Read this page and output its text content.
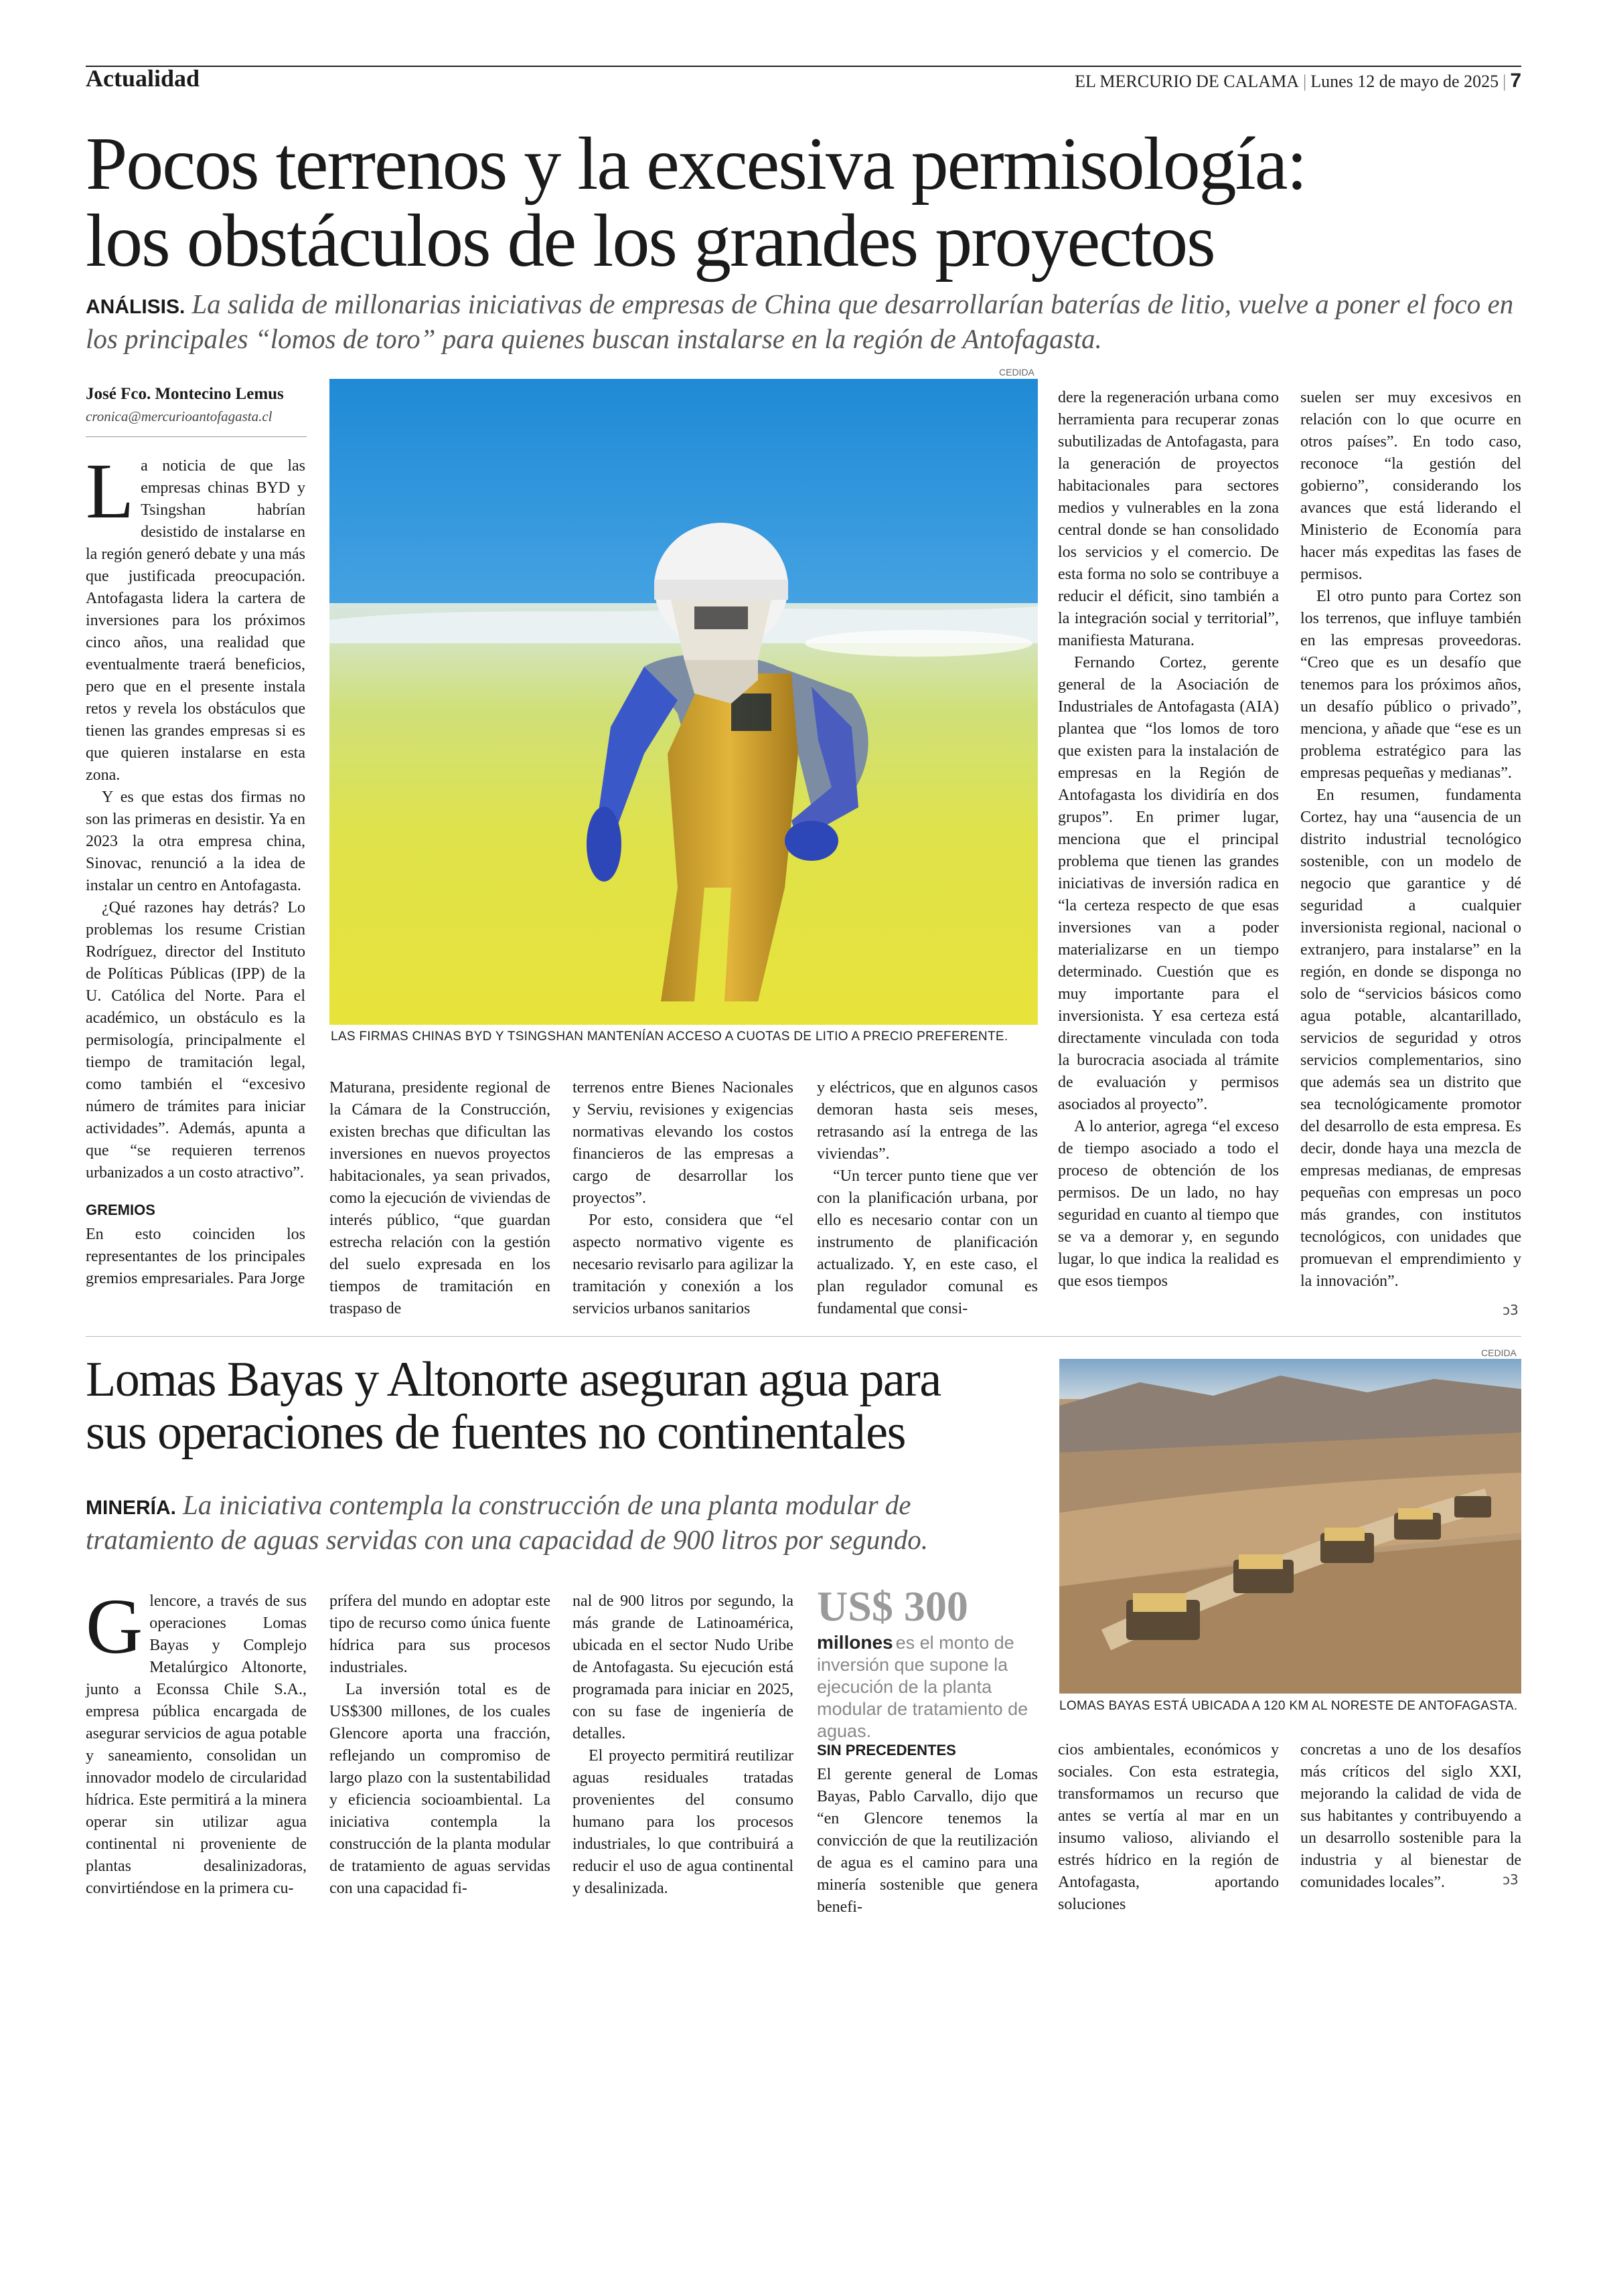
Actualidad	EL MERCURIO DE CALAMA | Lunes 12 de mayo de 2025 | 7
Pocos terrenos y la excesiva permisología:
los obstáculos de los grandes proyectos
ANÁLISIS. La salida de millonarias iniciativas de empresas de China que desarrollarían baterías de litio, vuelve a poner el foco en los principales “lomos de toro” para quienes buscan instalarse en la región de Antofagasta.
José Fco. Montecino Lemus
cronica@mercurioantofagasta.cl
CEDIDA
LAS FIRMAS CHINAS BYD Y TSINGSHAN MANTENÍAN ACCESO A CUOTAS DE LITIO A PRECIO PREFERENTE.

La noticia de que las empresas chinas BYD y Tsingshan habrían desistido de instalarse en la región generó debate y una más que justificada preocupación. Antofagasta lidera la cartera de inversiones para los próximos cinco años, una realidad que eventualmente traerá beneficios, pero que en el presente instala retos y revela los obstáculos que tienen las grandes empresas si es que quieren instalarse en esta zona.

Y es que estas dos firmas no son las primeras en desistir. Ya en 2023 la otra empresa china, Sinovac, renunció a la idea de instalar un centro en Antofagasta.

¿Qué razones hay detrás? Lo problemas los resume Cristian Rodríguez, director del Instituto de Políticas Públicas (IPP) de la U. Católica del Norte. Para el académico, un obstáculo es la permisología, principalmente el tiempo de tramitación legal, como también el “excesivo número de trámites para iniciar actividades”. Además, apunta a que “se requieren terrenos urbanizados a un costo atractivo”.

GREMIOS

En esto coinciden los representantes de los principales gremios empresariales. Para Jorge

Maturana, presidente regional de la Cámara de la Construcción, existen brechas que dificultan las inversiones en nuevos proyectos habitacionales, ya sean privados, como la ejecución de viviendas de interés público, “que guardan estrecha relación con la gestión del suelo expresada en los tiempos de tramitación en traspaso de

terrenos entre Bienes Nacionales y Serviu, revisiones y exigencias normativas elevando los costos financieros de las empresas a cargo de desarrollar los proyectos”.

Por esto, considera que “el aspecto normativo vigente es necesario revisarlo para agilizar la tramitación y conexión a los servicios urbanos sanitarios

y eléctricos, que en algunos casos demoran hasta seis meses, retrasando así la entrega de las viviendas”.

“Un tercer punto tiene que ver con la planificación urbana, por ello es necesario contar con un instrumento de planificación actualizado. Y, en este caso, el plan regulador comunal es fundamental que consi-

dere la regeneración urbana como herramienta para recuperar zonas subutilizadas de Antofagasta, para la generación de proyectos habitacionales para sectores medios y vulnerables en la zona central donde se han consolidado los servicios y el comercio. De esta forma no solo se contribuye a reducir el déficit, sino también a la integración social y territorial”, manifiesta Maturana.

Fernando Cortez, gerente general de la Asociación de Industriales de Antofagasta (AIA) plantea que “los lomos de toro que existen para la instalación de empresas en la Región de Antofagasta los dividiría en dos grupos”. En primer lugar, menciona que el principal problema que tienen las grandes iniciativas de inversión radica en “la certeza respecto de que esas inversiones van a poder materializarse en un tiempo determinado. Cuestión que es muy importante para el inversionista. Y esa certeza está directamente vinculada con toda la burocracia asociada al trámite de evaluación y permisos asociados al proyecto”.

A lo anterior, agrega “el exceso de tiempo asociado a todo el proceso de obtención de los permisos. De un lado, no hay seguridad en cuanto al tiempo que se va a demorar y, en segundo lugar, lo que indica la realidad es que esos tiempos

suelen ser muy excesivos en relación con lo que ocurre en otros países”. En todo caso, reconoce “la gestión del gobierno”, considerando los avances que está liderando el Ministerio de Economía para hacer más expeditas las fases de permisos.

El otro punto para Cortez son los terrenos, que influye también en las empresas proveedoras. “Creo que es un desafío que tenemos para los próximos años, un desafío público o privado”, menciona, y añade que “ese es un problema estratégico para las empresas pequeñas y medianas”.

En resumen, fundamenta Cortez, hay una “ausencia de un distrito industrial tecnológico sostenible, con un modelo de negocio que garantice y dé seguridad a cualquier inversionista regional, nacional o extranjero, para instalarse” en la región, en donde se disponga no solo de “servicios básicos como agua potable, alcantarillado, servicios de seguridad y otros servicios complementarios, sino que además sea un distrito que sea tecnológicamente promotor del desarrollo de esta empresa. Es decir, donde haya una mezcla de empresas medianas, de empresas pequeñas con empresas un poco más grandes, con institutos tecnológicos, con unidades que promuevan el emprendimiento y la innovación”.

ↄ3
Lomas Bayas y Altonorte aseguran agua para
sus operaciones de fuentes no continentales
MINERÍA. La iniciativa contempla la construcción de una planta modular de tratamiento de aguas servidas con una capacidad de 900 litros por segundo.
CEDIDA
LOMAS BAYAS ESTÁ UBICADA A 120 KM AL NORESTE DE ANTOFAGASTA.

Glencore, a través de sus operaciones Lomas Bayas y Complejo Metalúrgico Altonorte, junto a Econssa Chile S.A., empresa pública encargada de asegurar servicios de agua potable y saneamiento, consolidan un innovador modelo de circularidad hídrica. Este permitirá a la minera operar sin utilizar agua continental ni proveniente de plantas desalinizadoras, convirtiéndose en la primera cu-

prífera del mundo en adoptar este tipo de recurso como única fuente hídrica para sus procesos industriales.

La inversión total es de US$300 millones, de los cuales Glencore aporta una fracción, reflejando un compromiso de largo plazo con la sustentabilidad y eficiencia socioambiental. La iniciativa contempla la construcción de la planta modular de tratamiento de aguas servidas con una capacidad fi-

nal de 900 litros por segundo, la más grande de Latinoamérica, ubicada en el sector Nudo Uribe de Antofagasta. Su ejecución está programada para iniciar en 2025, con su fase de ingeniería de detalles.

El proyecto permitirá reutilizar aguas residuales tratadas provenientes del consumo humano para los procesos industriales, lo que contribuirá a reducir el uso de agua continental y desalinizada.

US$ 300
millones es el monto de inversión que supone la ejecución de la planta modular de tratamiento de aguas.
SIN PRECEDENTES

El gerente general de Lomas Bayas, Pablo Carvallo, dijo que “en Glencore tenemos la convicción de que la reutilización de agua es el camino para una minería sostenible que genera benefi-

cios ambientales, económicos y sociales. Con esta estrategia, transformamos un recurso que antes se vertía al mar en un insumo valioso, aliviando el estrés hídrico en la región de Antofagasta, aportando soluciones

concretas a uno de los desafíos más críticos del siglo XXI, mejorando la calidad de vida de sus habitantes y contribuyendo a un desarrollo sostenible para la industria y al bienestar de comunidades locales”.	ↄ3
